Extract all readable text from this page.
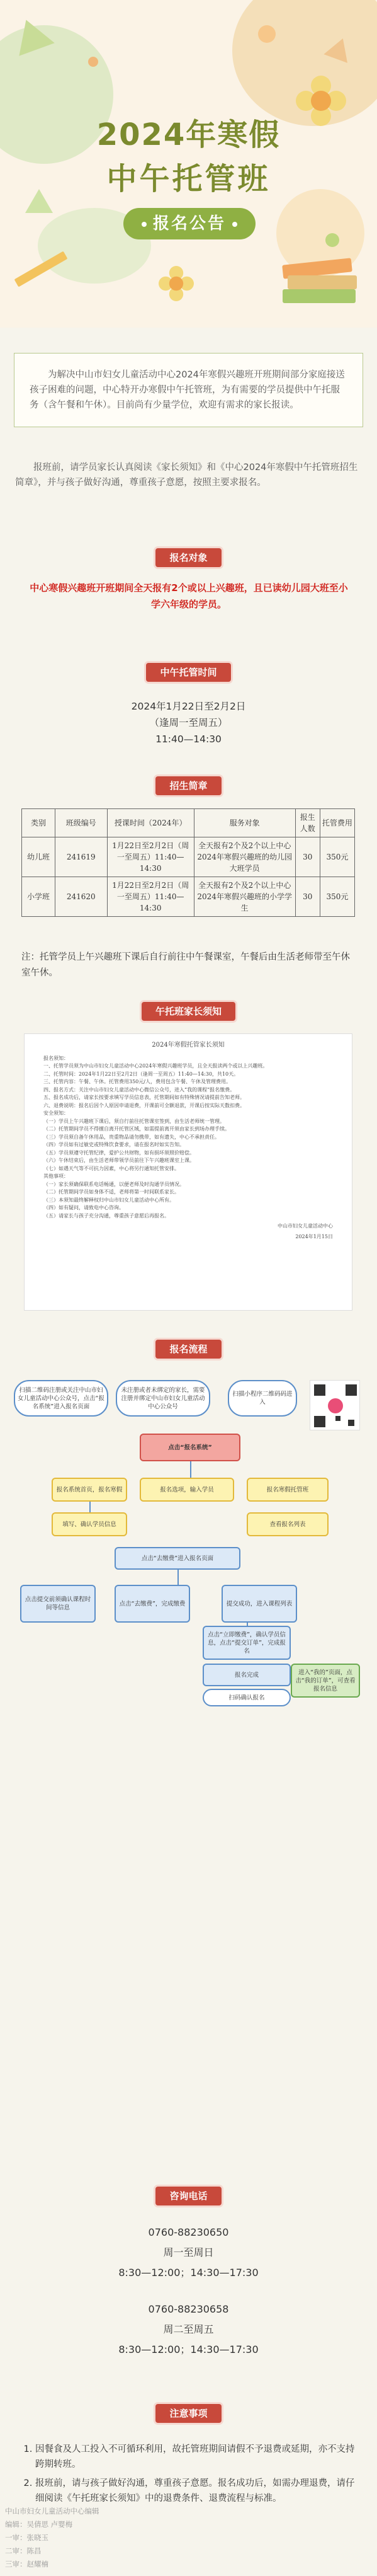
2024年寒假
中午托管班
报名公告
为解决中山市妇女儿童活动中心2024年寒假兴趣班开班期间部分家庭接送孩子困难的问题，中心特开办寒假中午托管班，为有需要的学员提供中午托服务（含午餐和午休）。目前尚有少量学位，欢迎有需求的家长报读。
报班前，请学员家长认真阅读《家长须知》和《中心2024年寒假中午托管班招生简章》，并与孩子做好沟通，尊重孩子意愿，按照主要求报名。
报名对象
中心寒假兴趣班开班期间全天报有2个或以上兴趣班，且已读幼儿园大班至小学六年级的学员。
中午托管时间
2024年1月22日至2月2日
（逢周一至周五）
11:40—14:30
招生简章
类别	班级编号	授课时间（2024年）	服务对象	报生人数	托管费用
幼儿班	241619	1月22日至2月2日（周一至周五）11:40—14:30	全天报有2个及2个以上中心2024年寒假兴趣班的幼儿园大班学员	30	350元
小学班	241620	1月22日至2月2日（周一至周五）11:40—14:30	全天报有2个及2个以上中心2024年寒假兴趣班的小学学生	30	350元
注：托管学员上午兴趣班下课后自行前往中午餐课室，午餐后由生活老师带至午休室午休。
午托班家长须知
2024年寒假托管家长须知
报名须知：
一、托管学员须为中山市妇女儿童活动中心2024年寒假兴趣班学员，且全天报读两个或以上兴趣班。
二、托管时间：2024年1月22日至2月2日（逢周一至周五）11:40—14:30，共10天。
三、托管内容：午餐、午休。托管费用350元/人，费用包含午餐、午休及管理费用。
四、报名方式：关注中山市妇女儿童活动中心微信公众号，进入“我的课程”报名缴费。
五、报名成功后，请家长按要求填写学员信息表，托管期间如有特殊情况请提前告知老师。
六、退费说明：报名后因个人原因申请退费，开课前可全额退款，开课后按实际天数扣费。
安全须知：
（一）学员上午兴趣班下课后，须自行前往托管课室签到，由生活老师统一管理。
（二）托管期间学员不得擅自离开托管区域，如需提前离开须由家长到场办理手续。
（三）学员须自备午休用品，贵重物品请勿携带，如有遗失，中心不承担责任。
（四）学员如有过敏史或特殊饮食要求，请在报名时如实告知。
（五）学员须遵守托管纪律，爱护公共财物，如有损坏须照价赔偿。
（六）午休结束后，由生活老师带领学员前往下午兴趣班课室上课。
（七）如遇天气等不可抗力因素，中心将另行通知托管安排。
其他事项：
（一）家长须确保联系电话畅通，以便老师及时沟通学员情况。
（二）托管期间学员如身体不适，老师将第一时间联系家长。
（三）本须知最终解释权归中山市妇女儿童活动中心所有。
（四）如有疑问，请致电中心咨询。
（五）请家长与孩子充分沟通，尊重孩子意愿后再报名。
中山市妇女儿童活动中心
2024年1月15日
报名流程
扫描二维码注册或关注中山市妇女儿童活动中心公众号，点击“报名系统”进入报名页面
未注册或者未绑定的家长，需要注册并绑定中山市妇女儿童活动中心公众号
扫描小程序二维码码进入
点击“报名系统”
报名系统首页，报名寒假	报名选项，输入学员	报名寒假托管班
填写、确认学员信息	查看报名列表
点击“去缴费”进入报名页面
点击提交前须确认课程时间等信息
点击“去缴费”，完成缴费	提交成功，进入课程列表
点击“立即缴费”，确认学员信息，点击“提交订单”，完成报名
报名完成	进入“我的”页面，点击“我的订单”，可查看报名信息
扫码确认报名
咨询电话
0760-88230650
周一至周日
8:30—12:00；14:30—17:30
0760-88230658
周二至周五
8:30—12:00；14:30—17:30
注意事项
1. 因餐食及人工投入不可循环利用，故托管班期间请假不予退费或延期，亦不支持跨期转班。
2. 报班前，请与孩子做好沟通，尊重孩子意愿。报名成功后，如需办理退费，请仔细阅读《午托班家长须知》中的退费条件、退费流程与标准。
中山市妇女儿童活动中心编辑
编辑：吴倩思 卢婴梅
一审：张晓玉
二审：陈昌
三审：赵耀楠
